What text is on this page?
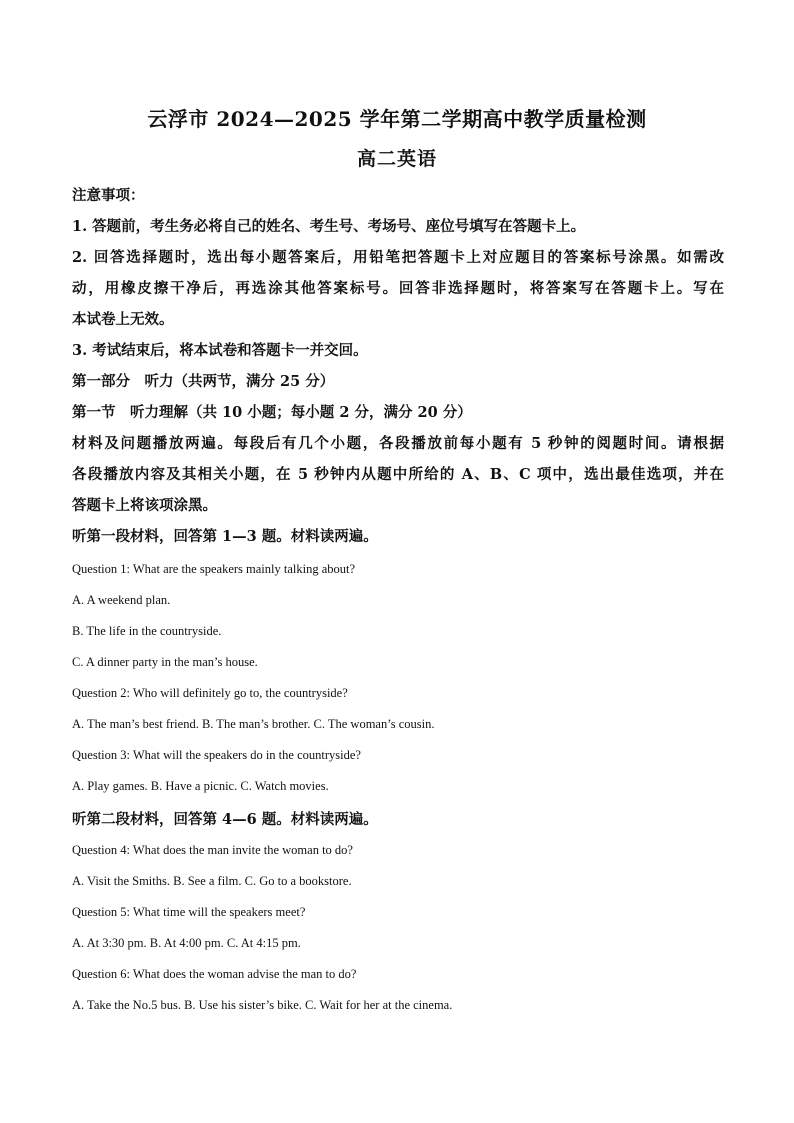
云浮市 2024—2025 学年第二学期高中教学质量检测
高二英语
注意事项：
1. 答题前，考生务必将自己的姓名、考生号、考场号、座位号填写在答题卡上。
2. 回答选择题时，选出每小题答案后，用铅笔把答题卡上对应题目的答案标号涂黑。如需改
动，用橡皮擦干净后，再选涂其他答案标号。回答非选择题时，将答案写在答题卡上。写在
本试卷上无效。
3. 考试结束后，将本试卷和答题卡一并交回。
第一部分　听力（共两节，满分 25 分）
第一节　听力理解（共 10 小题；每小题 2 分，满分 20 分）
材料及问题播放两遍。每段后有几个小题，各段播放前每小题有 5 秒钟的阅题时间。请根据
各段播放内容及其相关小题，在 5 秒钟内从题中所给的 A、B、C 项中，选出最佳选项，并在
答题卡上将该项涂黑。
听第一段材料，回答第 1—3 题。材料读两遍。
Question 1: What are the speakers mainly talking about?
A. A weekend plan.
B. The life in the countryside.
C. A dinner party in the man’s house.
Question 2: Who will definitely go to, the countryside?
A. The man’s best friend. B. The man’s brother. C. The woman’s cousin.
Question 3: What will the speakers do in the countryside?
A. Play games. B. Have a picnic. C. Watch movies.
听第二段材料，回答第 4—6 题。材料读两遍。
Question 4: What does the man invite the woman to do?
A. Visit the Smiths. B. See a film. C. Go to a bookstore.
Question 5: What time will the speakers meet?
A. At 3:30 pm. B. At 4:00 pm. C. At 4:15 pm.
Question 6: What does the woman advise the man to do?
A. Take the No.5 bus. B. Use his sister’s bike. C. Wait for her at the cinema.
